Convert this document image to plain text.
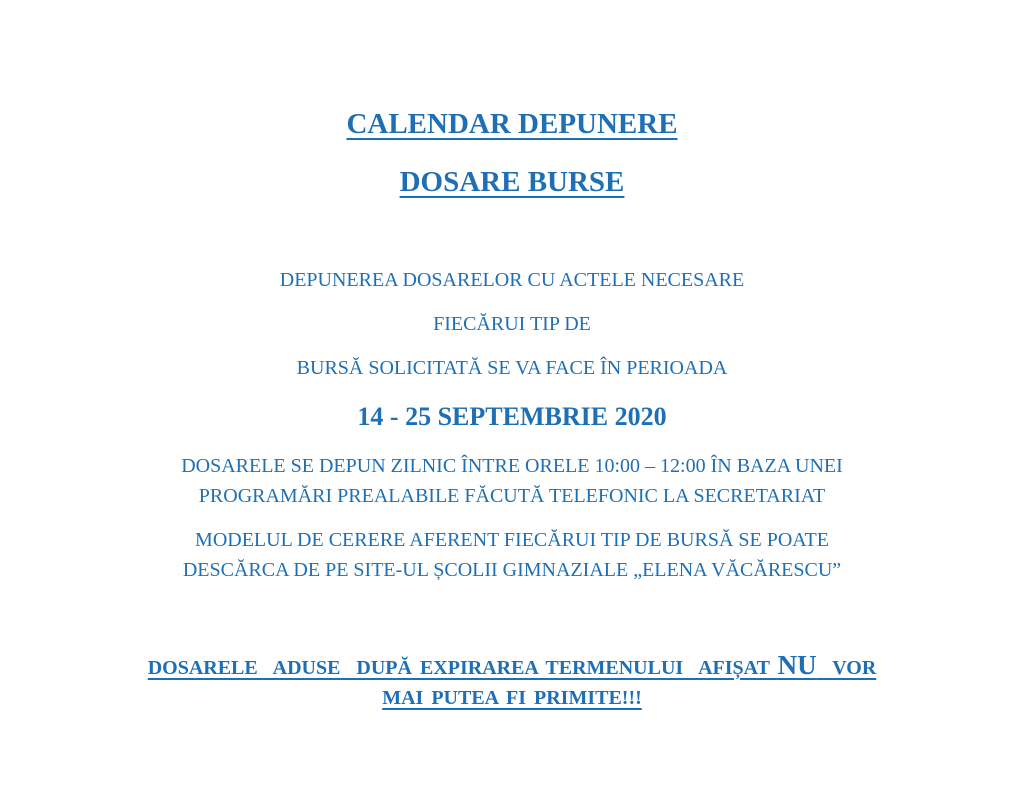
CALENDAR DEPUNERE
DOSARE BURSE
DEPUNEREA DOSARELOR CU ACTELE NECESARE
FIECĂRUI TIP DE
BURSĂ SOLICITATĂ SE VA FACE ÎN PERIOADA
14 - 25 SEPTEMBRIE 2020
DOSARELE SE DEPUN ZILNIC ÎNTRE ORELE 10:00 – 12:00 ÎN BAZA UNEI
PROGRAMĂRI PREALABILE FĂCUTĂ TELEFONIC LA SECRETARIAT
MODELUL DE CERERE AFERENT FIECĂRUI TIP DE BURSĂ SE POATE
DESCĂRCA DE PE SITE-UL ȘCOLII GIMNAZIALE „ELENA VĂCĂRESCU”
DOSARELE  ADUSE  DUPĂ EXPIRAREA TERMENULUI  AFIȘAT NU  VOR
MAI PUTEA FI PRIMITE!!!
